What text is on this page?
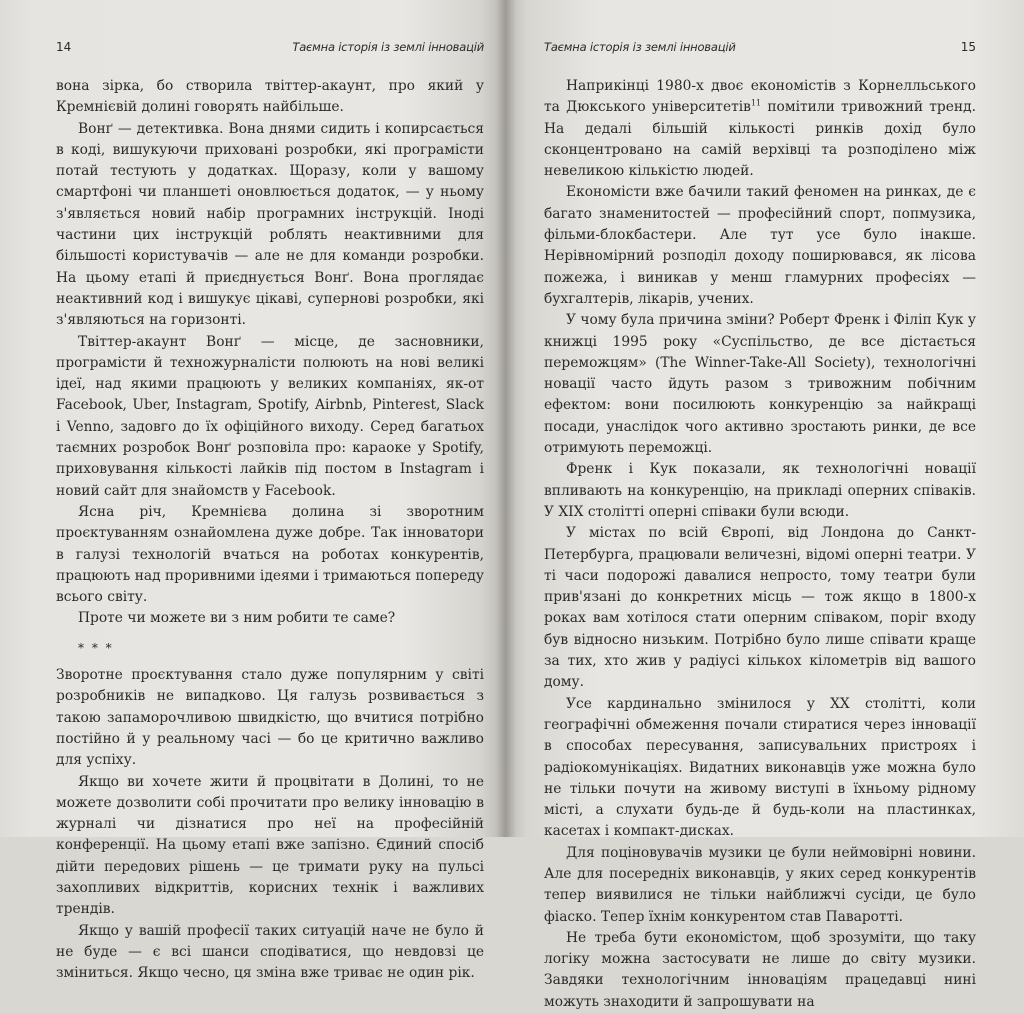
14	Таємна історія із землі інновацій

вона зірка, бо створила твіттер-акаунт, про який у Кремнієвій долині говорять найбільше.

Вонґ — детективка. Вона днями сидить і копирсається в коді, вишукуючи приховані розробки, які програмісти потай тестують у додатках. Щоразу, коли у вашому смартфоні чи планшеті оновлюється додаток, — у ньому з'являється новий набір програмних інструкцій. Іноді частини цих інструкцій роблять неактивними для більшості користувачів — але не для команди розробки. На цьому етапі й приєднується Вонґ. Вона проглядає неактивний код і вишукує цікаві, суперновi розробки, які з'являються на горизонті.

Твіттер-акаунт Вонґ — місце, де засновники, програмісти й техножурналісти полюють на нові великі ідеї, над якими працюють у великих компаніях, як-от Facebook, Uber, Instagram, Spotify, Airbnb, Pinterest, Slack і Venno, задовго до їх офіційного виходу. Серед багатьох таємних розробок Вонґ розповіла про: караоке у Spotify, приховування кількості лайків під постом в Instagram і новий сайт для знайомств у Facebook.

Ясна річ, Кремнієва долина зі зворотним проєктуванням ознайомлена дуже добре. Так інноватори в галузі технологій вчаться на роботах конкурентів, працюють над проривними ідеями і тримаються попереду всього світу.

Проте чи можете ви з ним робити те саме?

* * *

Зворотне проєктування стало дуже популярним у світі розробників не випадково. Ця галузь розвивається з такою запаморочливою швидкістю, що вчитися потрібно постійно й у реальному часі — бо це критично важливо для успіху.

Якщо ви хочете жити й процвітати в Долині, то не можете дозволити собі прочитати про велику інновацію в журналі чи дізнатися про неї на професійній конференції. На цьому етапі вже запізно. Єдиний спосіб дійти передових рішень — це тримати руку на пульсі захопливих відкриттів, корисних технік і важливих трендів.

Якщо у вашій професії таких ситуацій наче не було й не буде — є всі шанси сподіватися, що невдовзі це зміниться. Якщо чесно, ця зміна вже триває не один рік.

Таємна історія із землі інновацій	15

Наприкінці 1980-х двоє економістів з Корнелльського та Дюкського університетів$^{11}$ помітили тривожний тренд. На дедалі більшій кількості ринків дохід було сконцентровано на самій верхівці та розподілено між невеликою кількістю людей.

Економісти вже бачили такий феномен на ринках, де є багато знаменитостей — професійний спорт, попмузика, фільми-блокбастери. Алe тут усе було інакше. Нерівномірний розподіл доходу поширювався, як лісова пожежа, і виникав у менш гламурних професіях — бухгалтерів, лікарів, учених.

У чому була причина зміни? Роберт Френк і Філіп Кук у книжці 1995 року «Суспільство, де все дістається переможцям» (The Winner-Take-All Society), технологічні новації часто йдуть разом з тривожним побічним ефектом: вони посилюють конкуренцію за найкращі посади, унаслідок чого активно зростають ринки, де все отримують переможці.

Френк і Кук показали, як технологічні новації впливають на конкуренцію, на прикладі оперних співаків. У XIX столітті оперні співаки були всюди.

У містах по всій Європі, від Лондона до Санкт-Петербурга, працювали величезні, відомі оперні театри. У ті часи подорожі давалися непросто, тому театри були прив'язані до конкретних місць — тож якщо в 1800-х роках вам хотілося стати оперним співаком, поріг входу був відносно низьким. Потрібно було лише співати краще за тих, хто жив у радіусі кількох кілометрів від вашого дому.

Усе кардинально змінилося у XX столітті, коли географічні обмеження почали стиратися через інновації в способах пересування, записувальних пристроях і радіокомунікаціях. Видатних виконавців уже можна було не тільки почути на живому виступі в їхньому рідному місті, а слухати будь-де й будь-коли на пластинках, касетах і компакт-дисках.

Для поціновувачів музики це були неймовірні новини. Але для посередніх виконавців, у яких серед конкурентів тепер виявилися не тільки найближчі сусіди, це було фіаско. Тепер їхнім конкурентом став Паваротті.

Не треба бути економістом, щоб зрозуміти, що таку логіку можна застосувати не лише до світу музики. Завдяки технологічним інноваціям працедавці нині можуть знаходити й запрошувати на
